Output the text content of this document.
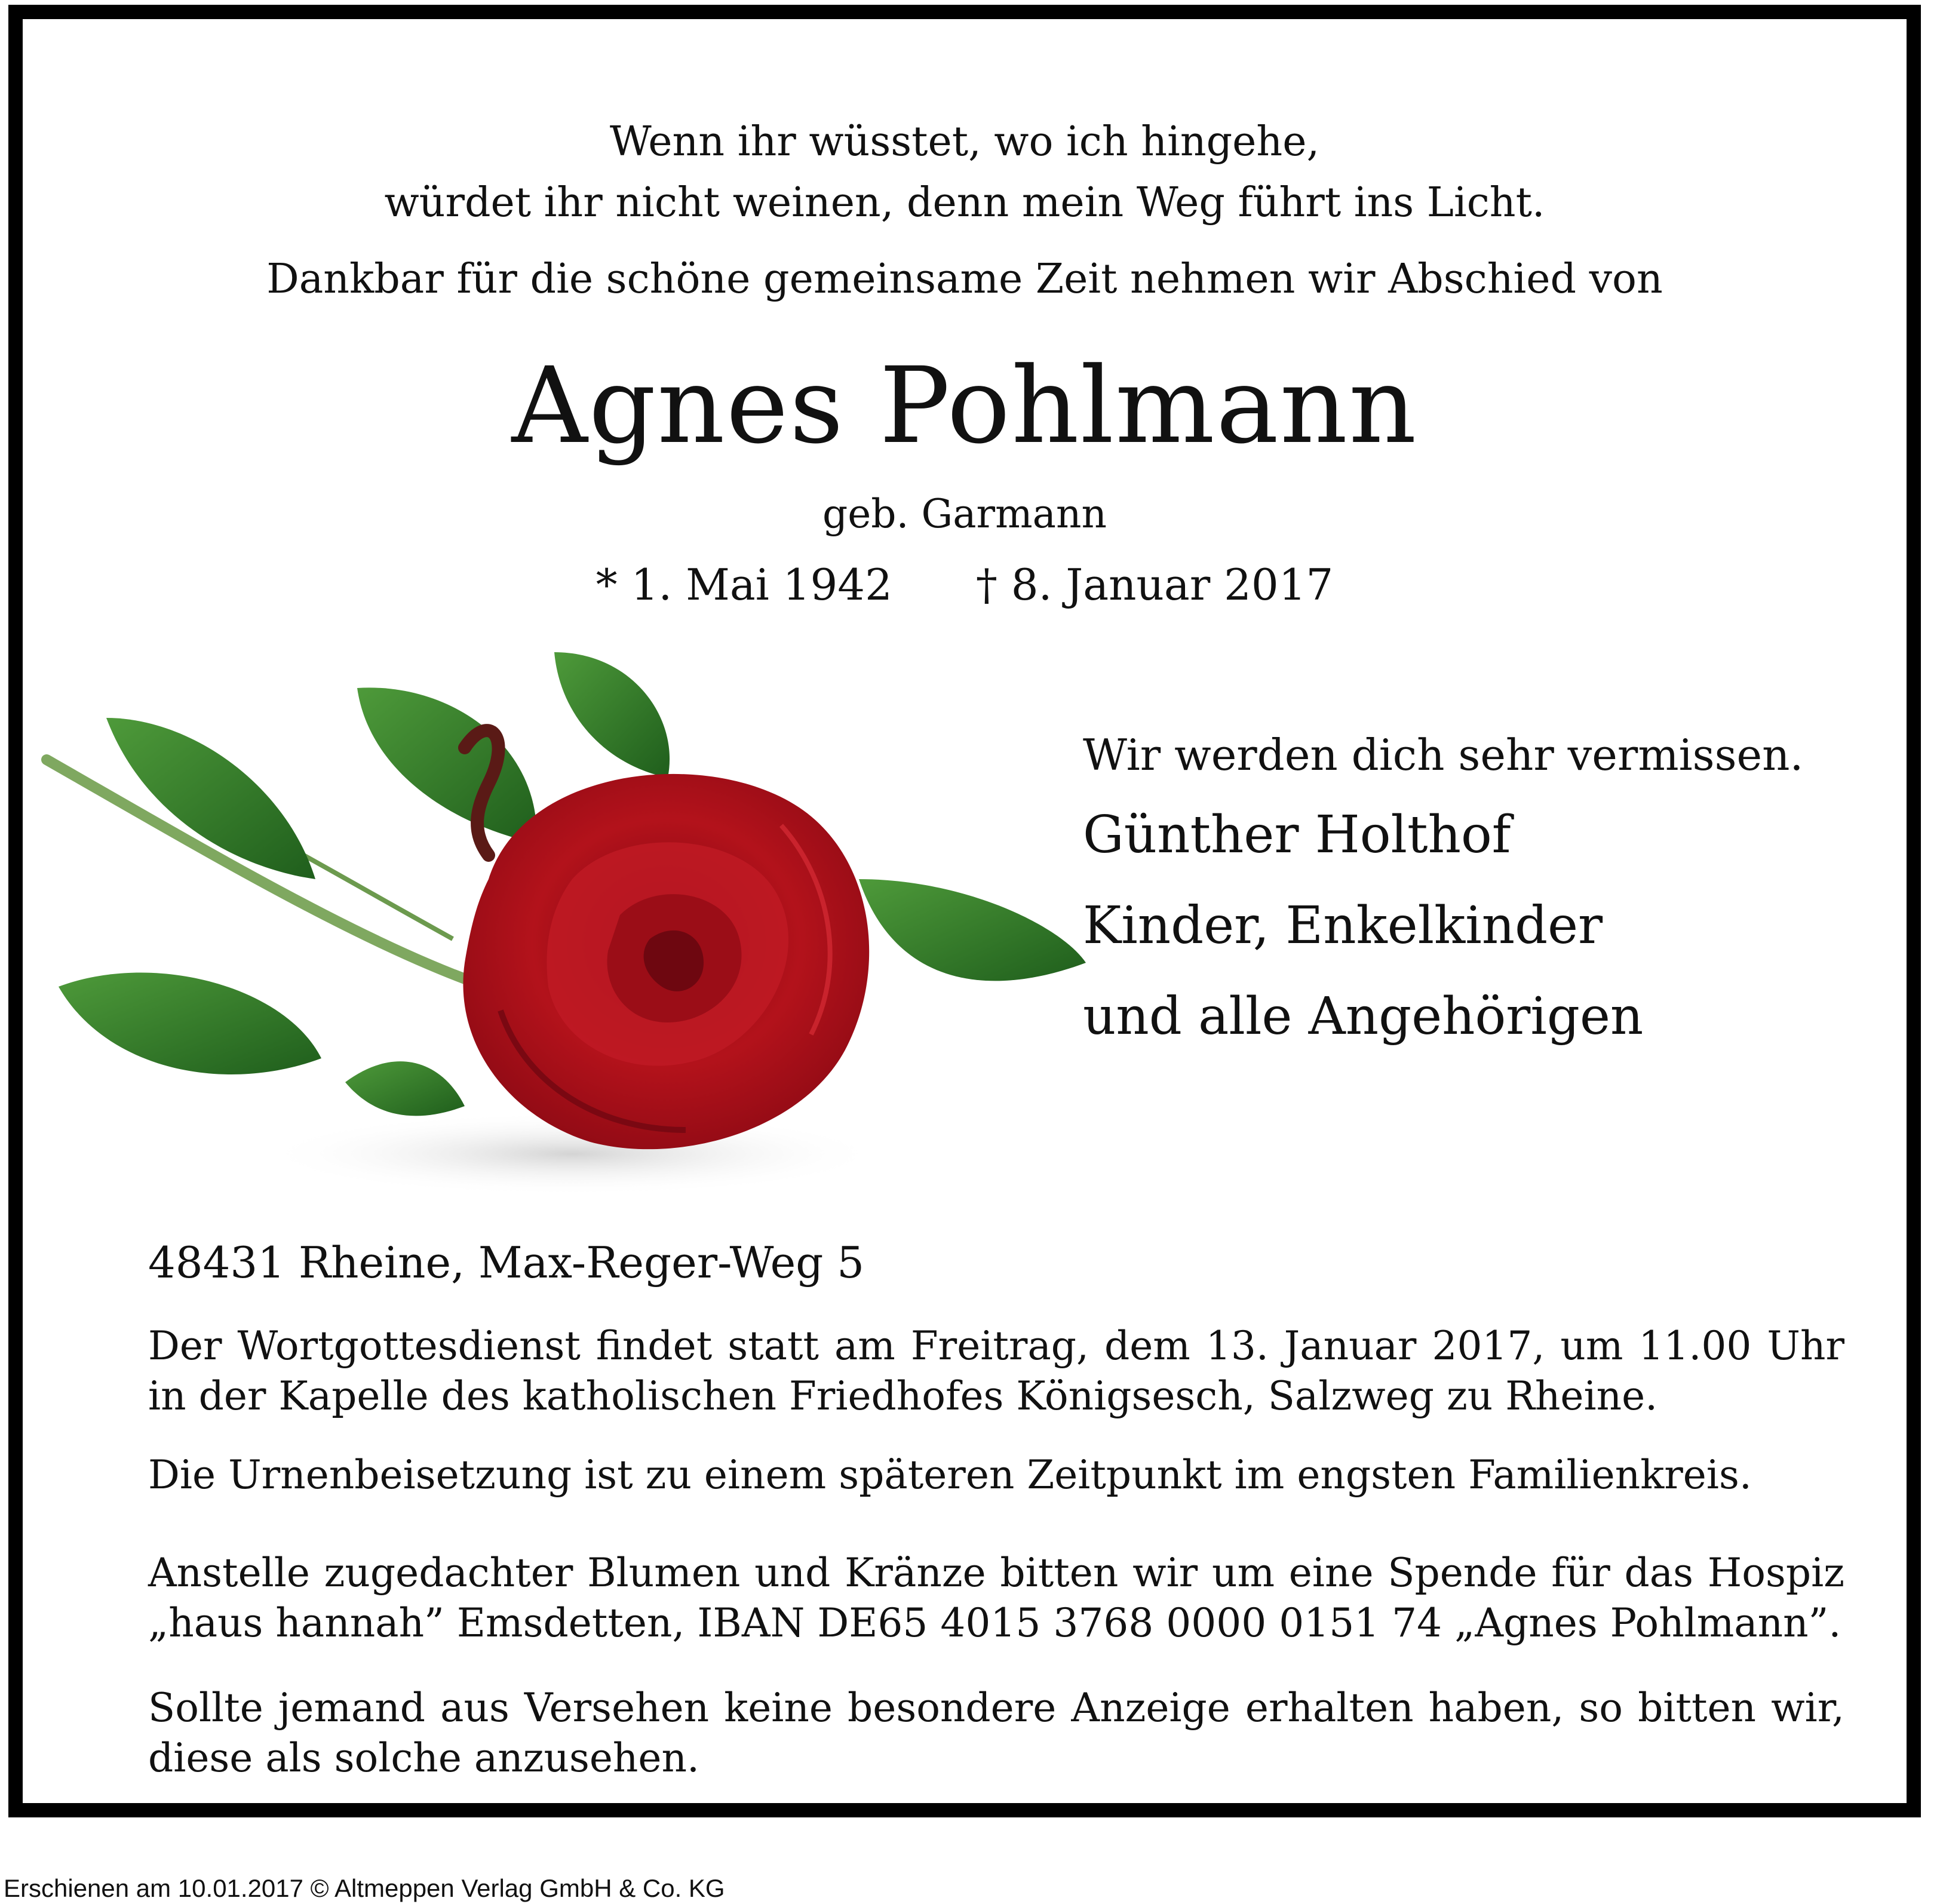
Wenn ihr wüsstet, wo ich hingehe,
würdet ihr nicht weinen, denn mein Weg führt ins Licht.
Dankbar für die schöne gemeinsame Zeit nehmen wir Abschied von
Agnes Pohlmann
geb. Garmann
* 1. Mai 1942 † 8. Januar 2017
Wir werden dich sehr vermissen.
Günther Holthof
Kinder, Enkelkinder
und alle Angehörigen
48431 Rheine, Max-Reger-Weg 5
Der Wortgottesdienst findet statt am Freitrag, dem 13. Januar 2017, um 11.00 Uhr in der Kapelle des katholischen Friedhofes Königsesch, Salzweg zu Rheine.
Die Urnenbeisetzung ist zu einem späteren Zeitpunkt im engsten Familienkreis.
Anstelle zugedachter Blumen und Kränze bitten wir um eine Spende für das Hospiz „haus hannah” Emsdetten, IBAN DE65 4015 3768 0000 0151 74 „Agnes Pohlmann”.
Sollte jemand aus Versehen keine besondere Anzeige erhalten haben, so bitten wir, diese als solche anzusehen.
Erschienen am 10.01.2017 © Altmeppen Verlag GmbH & Co. KG
